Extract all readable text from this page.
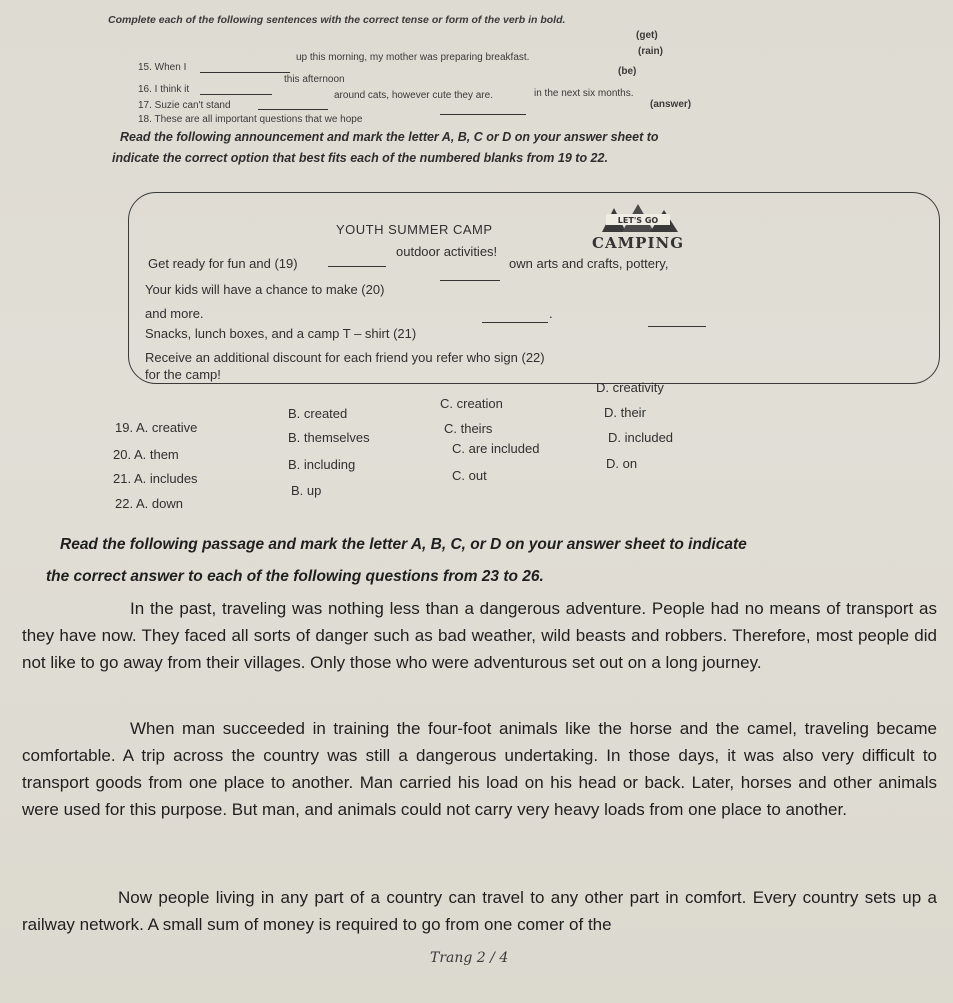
Complete each of the following sentences with the correct tense or form of the verb in bold.
15. When I
up this morning, my mother was preparing breakfast.
(get)
16. I think it
this afternoon
(rain)
17. Suzie can't stand
around cats, however cute they are.
(be)
18. These are all important questions that we hope
in the next six months.
(answer)
Read the following announcement and mark the letter A, B, C or D on your answer sheet to
indicate the correct option that best fits each of the numbered blanks from 19 to 22.
YOUTH SUMMER CAMP
LET'S GO
CAMPING
Get ready for fun and (19)
outdoor activities!
Your kids will have a chance to make (20)
own arts and crafts, pottery,
and more.
Snacks, lunch boxes, and a camp T – shirt (21)
.
Receive an additional discount for each friend you refer who sign (22)
for the camp!
19. A. creative
B. created
C. creation
D. creativity
20. A. them
B. themselves
C. theirs
D. their
21. A. includes
B. including
C. are included
D. included
22. A. down
B. up
C. out
D. on
Read the following passage and mark the letter A, B, C, or D on your answer sheet to indicate
the correct answer to each of the following questions from 23 to 26.

In the past, traveling was nothing less than a dangerous adventure. People had no means of transport as they have now. They faced all sorts of danger such as bad weather, wild beasts and robbers. Therefore, most people did not like to go away from their villages. Only those who were adventurous set out on a long journey.

When man succeeded in training the four-foot animals like the horse and the camel, traveling became comfortable. A trip across the country was still a dangerous undertaking. In those days, it was also very difficult to transport goods from one place to another. Man carried his load on his head or back. Later, horses and other animals were used for this purpose. But man, and animals could not carry very heavy loads from one place to another.

Now people living in any part of a country can travel to any other part in comfort. Every country sets up a railway network. A small sum of money is required to go from one comer of the

Trang 2 / 4
